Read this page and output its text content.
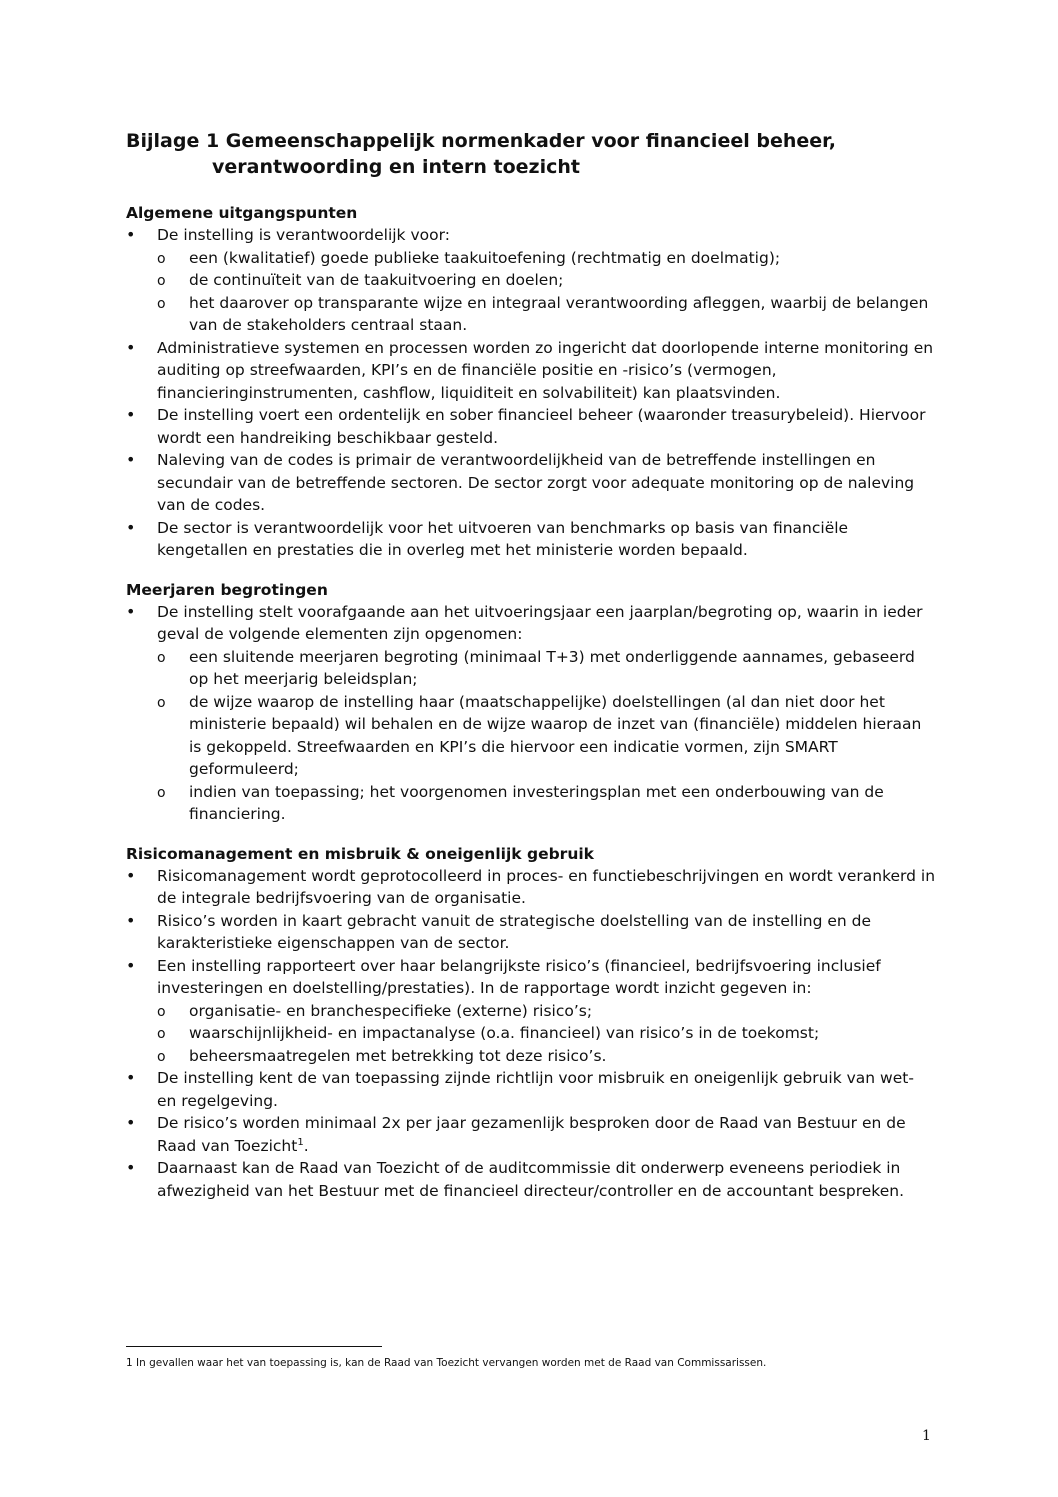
Bijlage 1 Gemeenschappelijk normenkader voor financieel beheer,
verantwoording en intern toezicht
Algemene uitgangspunten
• De instelling is verantwoordelijk voor:
o een (kwalitatief) goede publieke taakuitoefening (rechtmatig en doelmatig);
o de continuïteit van de taakuitvoering en doelen;
o het daarover op transparante wijze en integraal verantwoording afleggen, waarbij de belangen van de stakeholders centraal staan.
• Administratieve systemen en processen worden zo ingericht dat doorlopende interne monitoring en auditing op streefwaarden, KPI’s en de financiële positie en -risico’s (vermogen, financieringinstrumenten, cashflow, liquiditeit en solvabiliteit) kan plaatsvinden.
• De instelling voert een ordentelijk en sober financieel beheer (waaronder treasurybeleid). Hiervoor wordt een handreiking beschikbaar gesteld.
• Naleving van de codes is primair de verantwoordelijkheid van de betreffende instellingen en secundair van de betreffende sectoren. De sector zorgt voor adequate monitoring op de naleving van de codes.
• De sector is verantwoordelijk voor het uitvoeren van benchmarks op basis van financiële kengetallen en prestaties die in overleg met het ministerie worden bepaald.
Meerjaren begrotingen
• De instelling stelt voorafgaande aan het uitvoeringsjaar een jaarplan/begroting op, waarin in ieder geval de volgende elementen zijn opgenomen:
o een sluitende meerjaren begroting (minimaal T+3) met onderliggende aannames, gebaseerd op het meerjarig beleidsplan;
o de wijze waarop de instelling haar (maatschappelijke) doelstellingen (al dan niet door het ministerie bepaald) wil behalen en de wijze waarop de inzet van (financiële) middelen hieraan is gekoppeld. Streefwaarden en KPI’s die hiervoor een indicatie vormen, zijn SMART geformuleerd;
o indien van toepassing; het voorgenomen investeringsplan met een onderbouwing van de financiering.
Risicomanagement en misbruik & oneigenlijk gebruik
• Risicomanagement wordt geprotocolleerd in proces- en functiebeschrijvingen en wordt verankerd in de integrale bedrijfsvoering van de organisatie.
• Risico’s worden in kaart gebracht vanuit de strategische doelstelling van de instelling en de karakteristieke eigenschappen van de sector.
• Een instelling rapporteert over haar belangrijkste risico’s (financieel, bedrijfsvoering inclusief investeringen en doelstelling/prestaties). In de rapportage wordt inzicht gegeven in:
o organisatie- en branchespecifieke (externe) risico’s;
o waarschijnlijkheid- en impactanalyse (o.a. financieel) van risico’s in de toekomst;
o beheersmaatregelen met betrekking tot deze risico’s.
• De instelling kent de van toepassing zijnde richtlijn voor misbruik en oneigenlijk gebruik van wet- en regelgeving.
• De risico’s worden minimaal 2x per jaar gezamenlijk besproken door de Raad van Bestuur en de Raad van Toezicht$^1$.
• Daarnaast kan de Raad van Toezicht of de auditcommissie dit onderwerp eveneens periodiek in afwezigheid van het Bestuur met de financieel directeur/controller en de accountant bespreken.
1 In gevallen waar het van toepassing is, kan de Raad van Toezicht vervangen worden met de Raad van Commissarissen.
1
